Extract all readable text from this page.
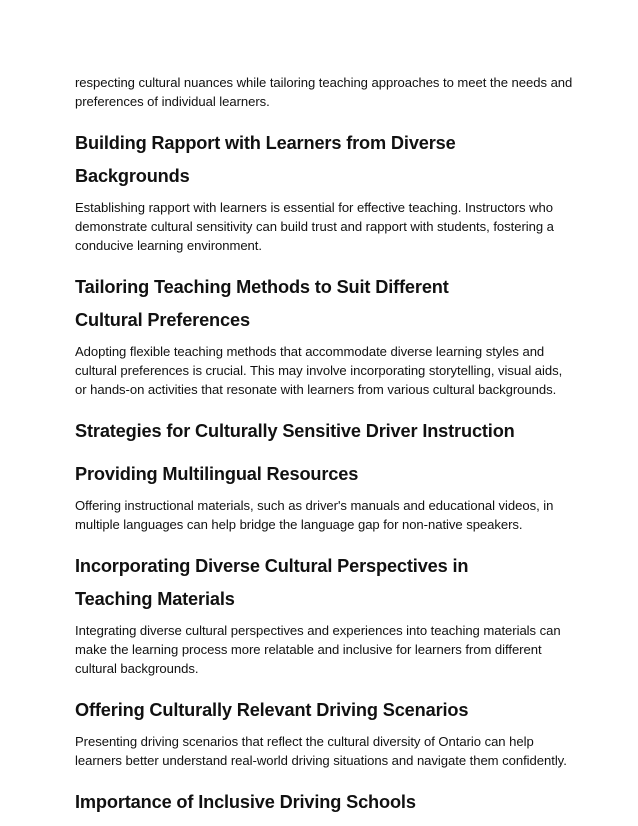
respecting cultural nuances while tailoring teaching approaches to meet the needs and preferences of individual learners.

Building Rapport with Learners from Diverse Backgrounds

Establishing rapport with learners is essential for effective teaching. Instructors who demonstrate cultural sensitivity can build trust and rapport with students, fostering a conducive learning environment.

Tailoring Teaching Methods to Suit Different Cultural Preferences

Adopting flexible teaching methods that accommodate diverse learning styles and cultural preferences is crucial. This may involve incorporating storytelling, visual aids, or hands-on activities that resonate with learners from various cultural backgrounds.

Strategies for Culturally Sensitive Driver Instruction
Providing Multilingual Resources

Offering instructional materials, such as driver's manuals and educational videos, in multiple languages can help bridge the language gap for non-native speakers.

Incorporating Diverse Cultural Perspectives in Teaching Materials

Integrating diverse cultural perspectives and experiences into teaching materials can make the learning process more relatable and inclusive for learners from different cultural backgrounds.

Offering Culturally Relevant Driving Scenarios

Presenting driving scenarios that reflect the cultural diversity of Ontario can help learners better understand real-world driving situations and navigate them confidently.

Importance of Inclusive Driving Schools
